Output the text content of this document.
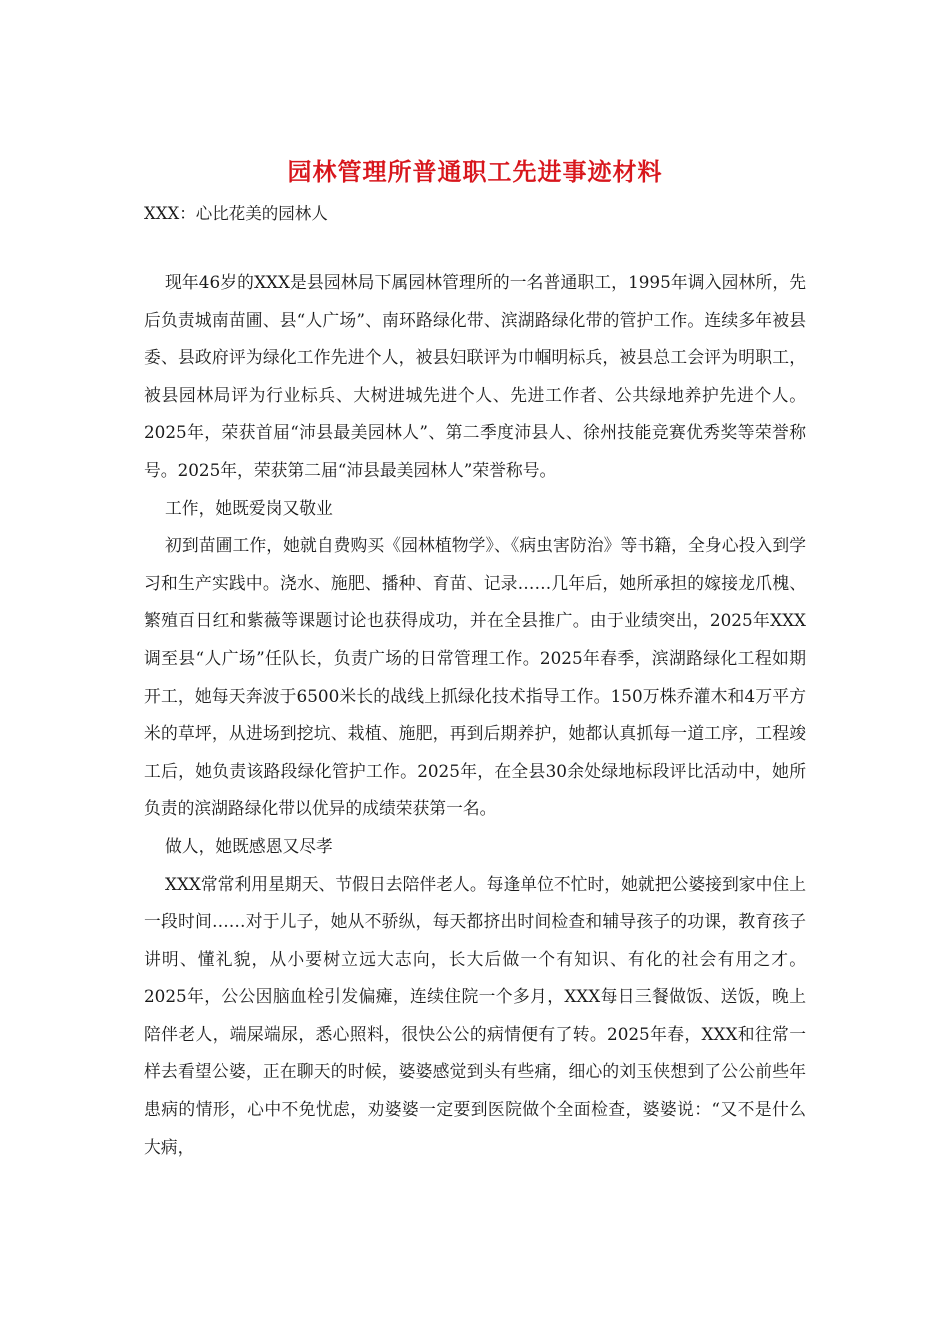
园林管理所普通职工先进事迹材料

XXX：心比花美的园林人

现年46岁的XXX是县园林局下属园林管理所的一名普通职工，1995年调入园林所，先后负责城南苗圃、县“人广场”、南环路绿化带、滨湖路绿化带的管护工作。连续多年被县委、县政府评为绿化工作先进个人，被县妇联评为巾帼明标兵，被县总工会评为明职工，被县园林局评为行业标兵、大树进城先进个人、先进工作者、公共绿地养护先进个人。2025年，荣获首届“沛县最美园林人”、第二季度沛县人、徐州技能竞赛优秀奖等荣誉称号。2025年，荣获第二届“沛县最美园林人”荣誉称号。

工作，她既爱岗又敬业

初到苗圃工作，她就自费购买《园林植物学》、《病虫害防治》等书籍，全身心投入到学习和生产实践中。浇水、施肥、播种、育苗、记录……几年后，她所承担的嫁接龙爪槐、繁殖百日红和紫薇等课题讨论也获得成功，并在全县推广。由于业绩突出，2025年XXX调至县“人广场”任队长，负责广场的日常管理工作。2025年春季，滨湖路绿化工程如期开工，她每天奔波于6500米长的战线上抓绿化技术指导工作。150万株乔灌木和4万平方米的草坪，从进场到挖坑、栽植、施肥，再到后期养护，她都认真抓每一道工序，工程竣工后，她负责该路段绿化管护工作。2025年，在全县30余处绿地标段评比活动中，她所负责的滨湖路绿化带以优异的成绩荣获第一名。

做人，她既感恩又尽孝

XXX常常利用星期天、节假日去陪伴老人。每逢单位不忙时，她就把公婆接到家中住上一段时间……对于儿子，她从不骄纵，每天都挤出时间检查和辅导孩子的功课，教育孩子讲明、懂礼貌，从小要树立远大志向，长大后做一个有知识、有化的社会有用之才。2025年，公公因脑血栓引发偏瘫，连续住院一个多月，XXX每日三餐做饭、送饭，晚上陪伴老人，端屎端尿，悉心照料，很快公公的病情便有了转。2025年春，XXX和往常一样去看望公婆，正在聊天的时候，婆婆感觉到头有些痛，细心的刘玉侠想到了公公前些年患病的情形，心中不免忧虑，劝婆婆一定要到医院做个全面检查，婆婆说：“又不是什么大病，
